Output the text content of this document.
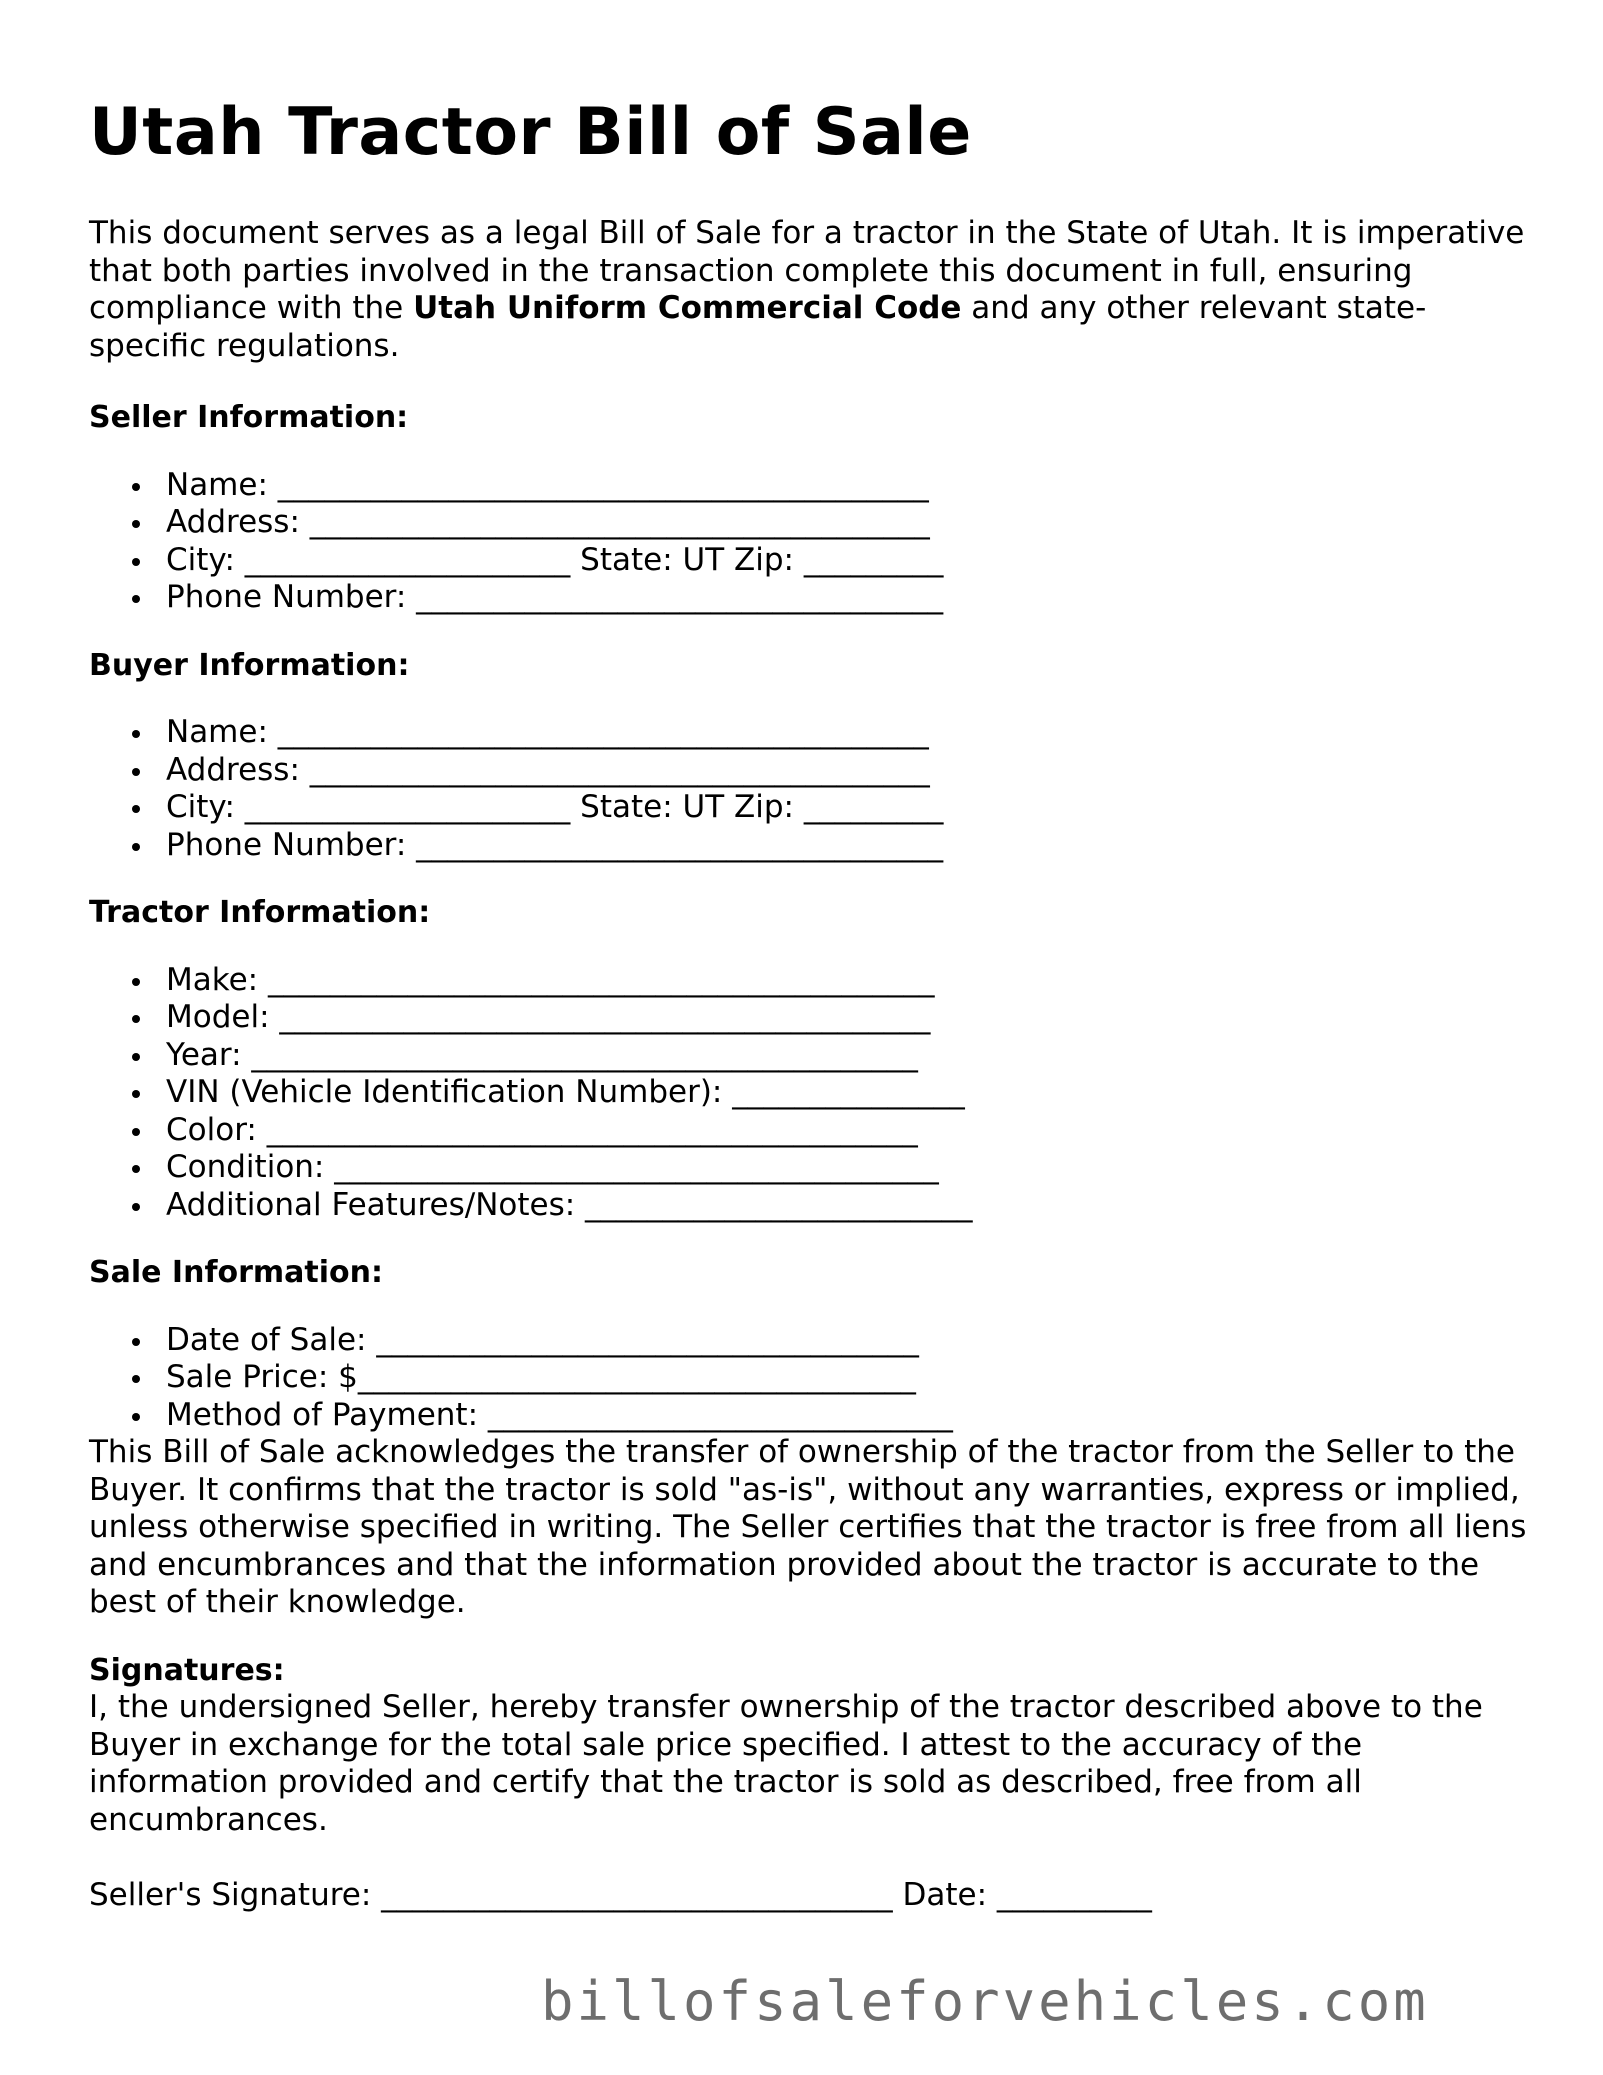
Utah Tractor Bill of Sale

This document serves as a legal Bill of Sale for a tractor in the State of Utah. It is imperative that both parties involved in the transaction complete this document in full, ensuring compliance with the Utah Uniform Commercial Code and any other relevant state-specific regulations.

Seller Information:
Name: __________________________________________
Address: ________________________________________
City: _____________________ State: UT Zip: _________
Phone Number: __________________________________
Buyer Information:
Name: __________________________________________
Address: ________________________________________
City: _____________________ State: UT Zip: _________
Phone Number: __________________________________
Tractor Information:
Make: ___________________________________________
Model: __________________________________________
Year: ___________________________________________
VIN (Vehicle Identification Number): _______________
Color: __________________________________________
Condition: _______________________________________
Additional Features/Notes: _________________________
Sale Information:
Date of Sale: ___________________________________
Sale Price: $____________________________________
Method of Payment: ______________________________

This Bill of Sale acknowledges the transfer of ownership of the tractor from the Seller to the Buyer. It confirms that the tractor is sold "as-is", without any warranties, express or implied, unless otherwise specified in writing. The Seller certifies that the tractor is free from all liens and encumbrances and that the information provided about the tractor is accurate to the best of their knowledge.

Signatures:

I, the undersigned Seller, hereby transfer ownership of the tractor described above to the Buyer in exchange for the total sale price specified. I attest to the accuracy of the information provided and certify that the tractor is sold as described, free from all encumbrances.

Seller's Signature: _________________________________ Date: __________

billofsaleforvehicles.com
